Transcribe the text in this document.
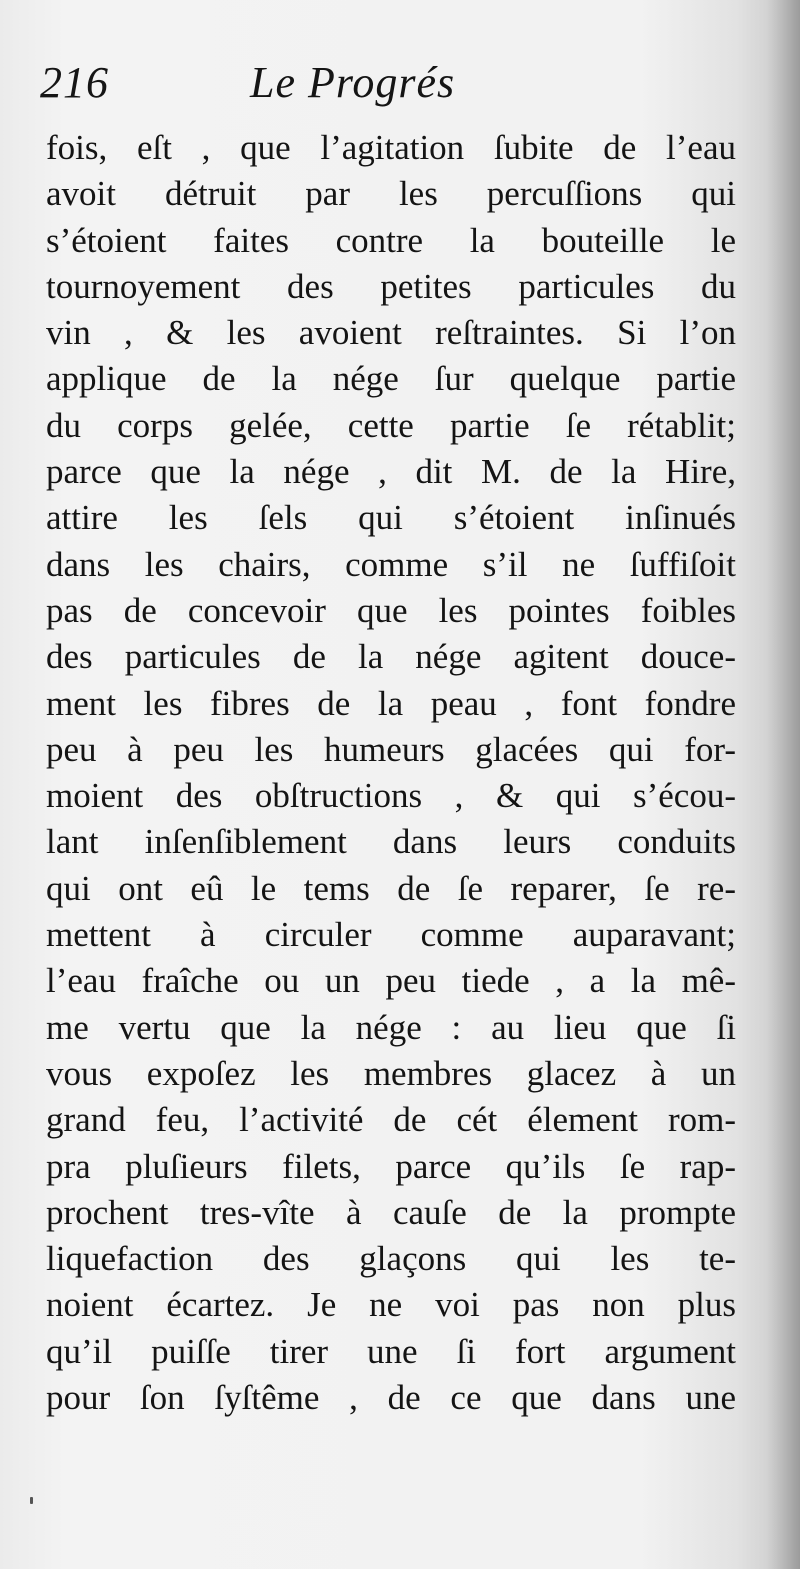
216	Le Progrés
fois, eſt , que l’agitation ſubite de l’eau
avoit détruit par les percuſſions qui
s’étoient faites contre la bouteille le
tournoyement des petites particules du
vin , & les avoient reſtraintes. Si l’on
applique de la nége ſur quelque partie
du corps gelée, cette partie ſe rétablit;
parce que la nége , dit M. de la Hire,
attire les ſels qui s’étoient inſinués
dans les chairs, comme s’il ne ſuffiſoit
pas de concevoir que les pointes foibles
des particules de la nége agitent douce-
ment les fibres de la peau , font fondre
peu à peu les humeurs glacées qui for-
moient des obſtructions , & qui s’écou-
lant inſenſiblement dans leurs conduits
qui ont eû le tems de ſe reparer, ſe re-
mettent à circuler comme auparavant;
l’eau fraîche ou un peu tiede , a la mê-
me vertu que la nége : au lieu que ſi
vous expoſez les membres glacez à un
grand feu, l’activité de cét élement rom-
pra pluſieurs filets, parce qu’ils ſe rap-
prochent tres-vîte à cauſe de la prompte
liquefaction des glaçons qui les te-
noient écartez. Je ne voi pas non plus
qu’il puiſſe tirer une ſi fort argument
pour ſon ſyſtême , de ce que dans une
